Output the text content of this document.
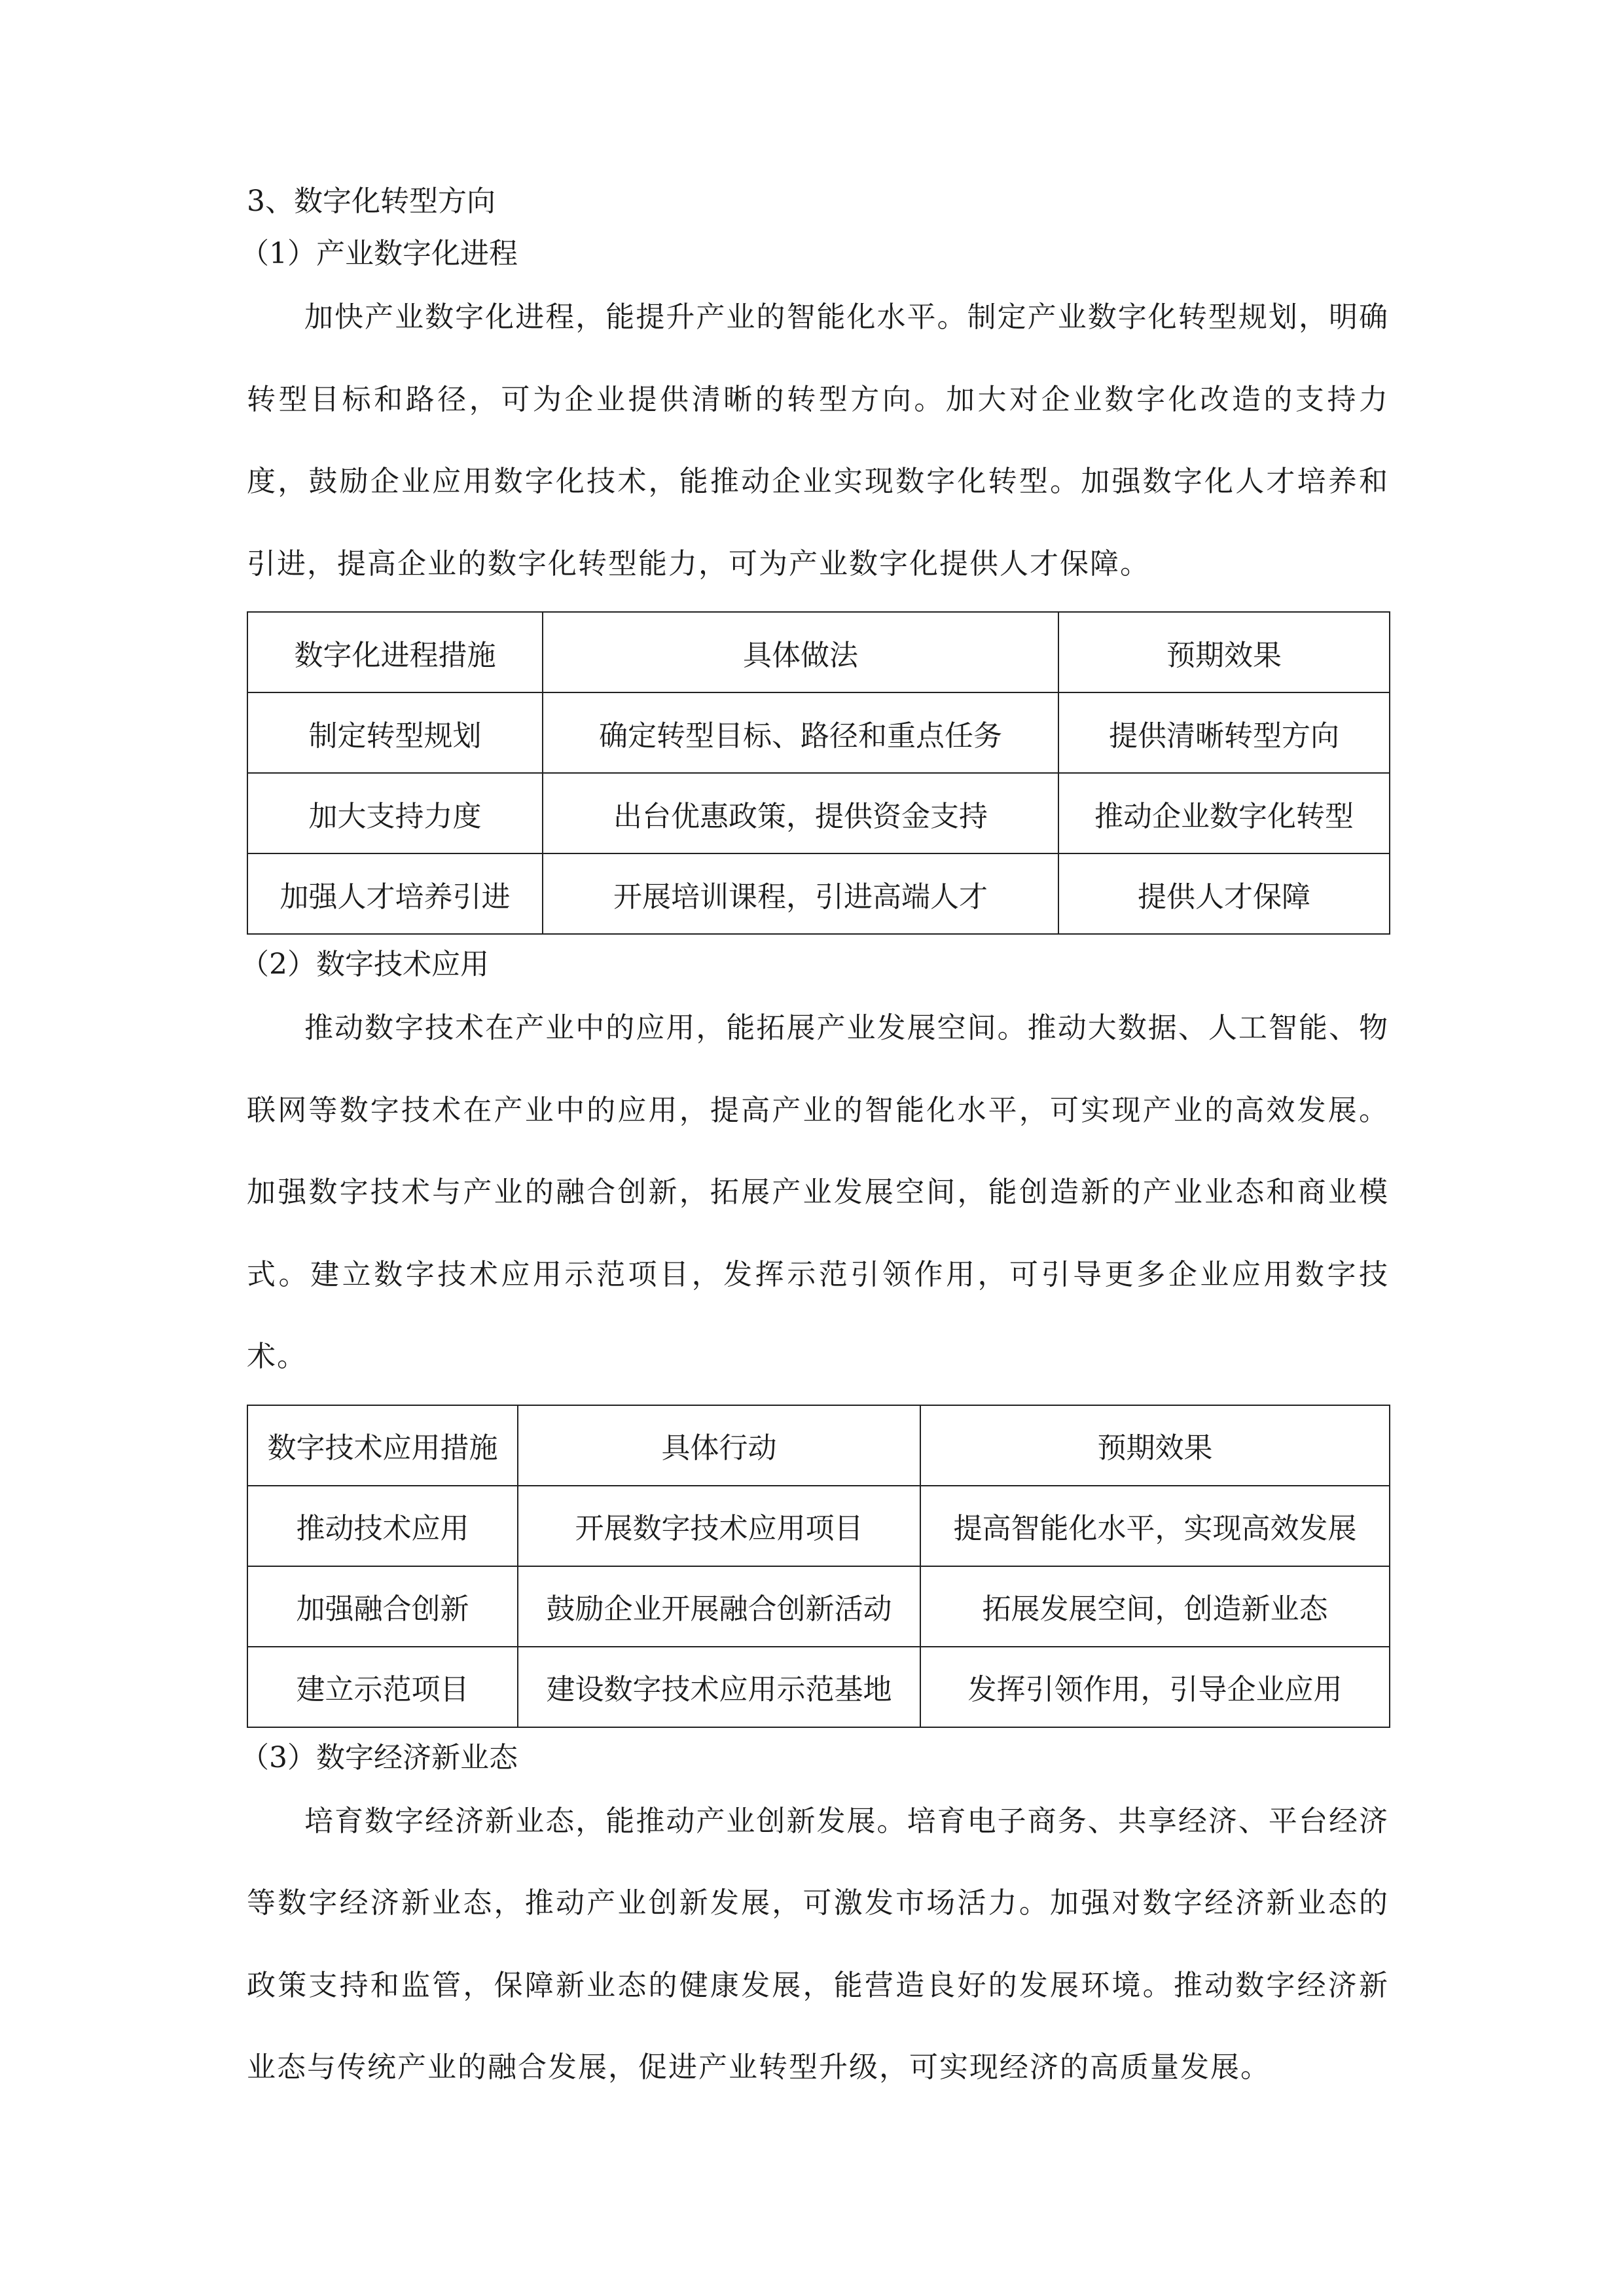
3、数字化转型方向
（1）产业数字化进程

加快产业数字化进程，能提升产业的智能化水平。制定产业数字化转型规划，明确转型目标和路径，可为企业提供清晰的转型方向。加大对企业数字化改造的支持力度，鼓励企业应用数字化技术，能推动企业实现数字化转型。加强数字化人才培养和引进，提高企业的数字化转型能力，可为产业数字化提供人才保障。

数字化进程措施	具体做法	预期效果
制定转型规划	确定转型目标、路径和重点任务	提供清晰转型方向
加大支持力度	出台优惠政策，提供资金支持	推动企业数字化转型
加强人才培养引进	开展培训课程，引进高端人才	提供人才保障
（2）数字技术应用

推动数字技术在产业中的应用，能拓展产业发展空间。推动大数据、人工智能、物联网等数字技术在产业中的应用，提高产业的智能化水平，可实现产业的高效发展。加强数字技术与产业的融合创新，拓展产业发展空间，能创造新的产业业态和商业模式。建立数字技术应用示范项目，发挥示范引领作用，可引导更多企业应用数字技术。

数字技术应用措施	具体行动	预期效果
推动技术应用	开展数字技术应用项目	提高智能化水平，实现高效发展
加强融合创新	鼓励企业开展融合创新活动	拓展发展空间，创造新业态
建立示范项目	建设数字技术应用示范基地	发挥引领作用，引导企业应用
（3）数字经济新业态

培育数字经济新业态，能推动产业创新发展。培育电子商务、共享经济、平台经济等数字经济新业态，推动产业创新发展，可激发市场活力。加强对数字经济新业态的政策支持和监管，保障新业态的健康发展，能营造良好的发展环境。推动数字经济新业态与传统产业的融合发展，促进产业转型升级，可实现经济的高质量发展。
